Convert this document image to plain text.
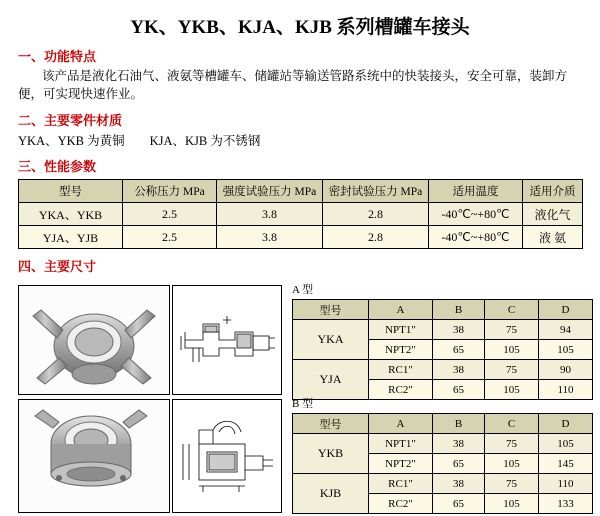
YK、YKB、KJA、KJB 系列槽罐车接头
一、功能特点
该产品是液化石油气、液氨等槽罐车、储罐站等输送管路系统中的快装接头，安全可靠，装卸方便，可实现快速作业。
二、主要零件材质
YKA、YKB 为黄铜        KJA、KJB 为不锈钢
三、性能参数
型号	公称压力 MPa	强度试验压力 MPa	密封试验压力 MPa	适用温度	适用介质
YKA、YKB	2.5	3.8	2.8	-40℃~+80℃	液化气
YJA、YJB	2.5	3.8	2.8	-40℃~+80℃	液 氨
四、主要尺寸
A 型
型号	A	B	C	D
YKA	NPT1"	38	75	94
	NPT2"	65	105	105
YJA	RC1"	38	75	90
	RC2"	65	105	110
B 型
型号	A	B	C	D
YKB	NPT1"	38	75	105
	NPT2"	65	105	145
KJB	RC1"	38	75	110
	RC2"	65	105	133
